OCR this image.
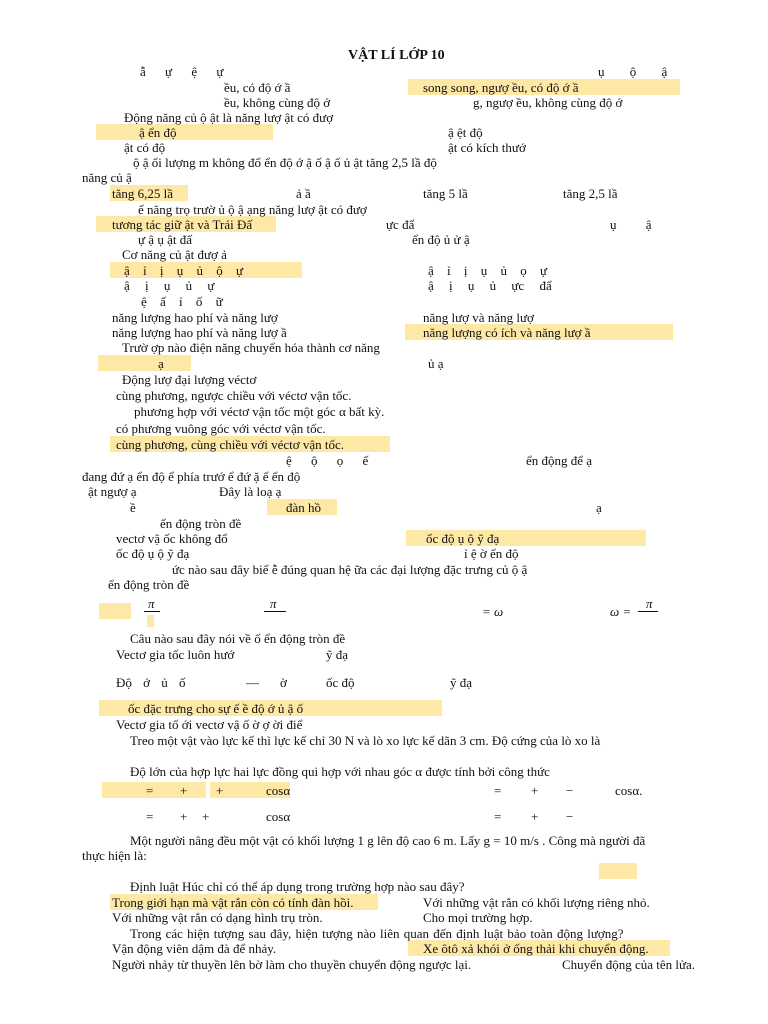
VẬT LÍ LỚP 10
ẫ ự ệ ự	ụ ộ ậ
ều, có độ ớ ầ	song song, ngượ ều, có độ ớ ầ
ều, không cùng độ ớ	g, ngượ ều, không cùng độ ớ
Động năng củ ộ ật là năng lượ ật có đượ
ậ ển độ	ậ ệt độ
ật có độ	ật có kích thướ
ộ ậ ối lượng m không đổ ển độ ớ ậ ố ậ ố ủ ật tăng 2,5 lầ độ
năng củ ậ
tăng 6,25 lầ	ả ầ	tăng 5 lầ	tăng 2,5 lầ
ế năng trọ trườ ủ ộ ậ ạng năng lượ ật có đượ
tương tác giữ ật và Trái Đấ	ực đẩ	ụ ậ
ự ậ ụ ật đấ	ển độ ủ ử ậ
Cơ năng củ ật đượ ả
ậ ỉ ị ụ ủ ộ ự	ậ ỉ ị ụ ủ ọ ự
ậ ị ụ ủ ự	ậ ị ụ ủ ực đẩ
ệ ấ ỉ ố ữ
năng lượng hao phí và năng lượ	năng lượ và năng lượ
năng lượng hao phí và năng lượ ầ	năng lượng có ích và năng lượ ầ
Trườ ợp nào điện năng chuyển hóa thành cơ năng
ạ	ủ ạ
Động lượ đại lượng véctơ
cùng phương, ngược chiều với véctơ vận tốc.
phương hợp với véctơ vận tốc một góc α bất kỳ.
có phương vuông góc với véctơ vận tốc.
cùng phương, cùng chiều với véctơ vận tốc.
ệ ộ ọ ế	ển động để ạ
đang đứ ạ ển độ ể phía trướ ể đứ ặ ể ển độ
ật ngượ ạ	Đây là loạ ạ
ề	đàn hồ	ạ
ển động tròn đề
vectơ vậ ốc không đổ	ốc độ ụ ộ ỹ đạ
ốc độ ụ ộ ỹ đạ	ỉ ệ ờ ển độ
ức nào sau đây biể ễ đúng quan hệ ữa các đại lượng đặc trưng củ ộ ậ
ển động tròn đề
π	π
= ω	ω =
π
Câu nào sau đây nói về ố ển động tròn đề
Vectơ gia tốc luôn hướ	ỹ đạ
Độ ớ ủ ố	— ờ	ốc độ	ỹ đạ
ốc đặc trưng cho sự ế ề độ ớ ủ ậ ố
Vectơ gia tố ới vectơ vậ ố ờ ợ ời điể
Treo một vật vào lực kế thì lực kế chỉ 30 N và lò xo lực kế dãn 3 cm. Độ cứng của lò xo là
Độ lớn của hợp lực hai lực đồng qui hợp với nhau góc α được tính bởi công thức
= + +	cosα	= + −	cosα.
= + +	cosα	= + −
Một người nâng đều một vật có khối lượng 1 g lên độ cao 6 m. Lấy g = 10 m/s . Công mà người đã
thực hiện là:
Định luật Húc chỉ có thể áp dụng trong trường hợp nào sau đây?
Trong giới hạn mà vật rắn còn có tính đàn hồi.	Với những vật rắn có khối lượng riêng nhỏ.
Với những vật rắn có dạng hình trụ tròn.	Cho mọi trường hợp.
Trong các hiện tượng sau đây, hiện tượng nào liên quan đến định luật bảo toàn động lượng?
Vận động viên dậm đà để nhảy.	Xe ôtô xả khói ở ống thải khi chuyển động.
Người nhảy từ thuyền lên bờ làm cho thuyền chuyển động ngược lại.	Chuyển động của tên lửa.
